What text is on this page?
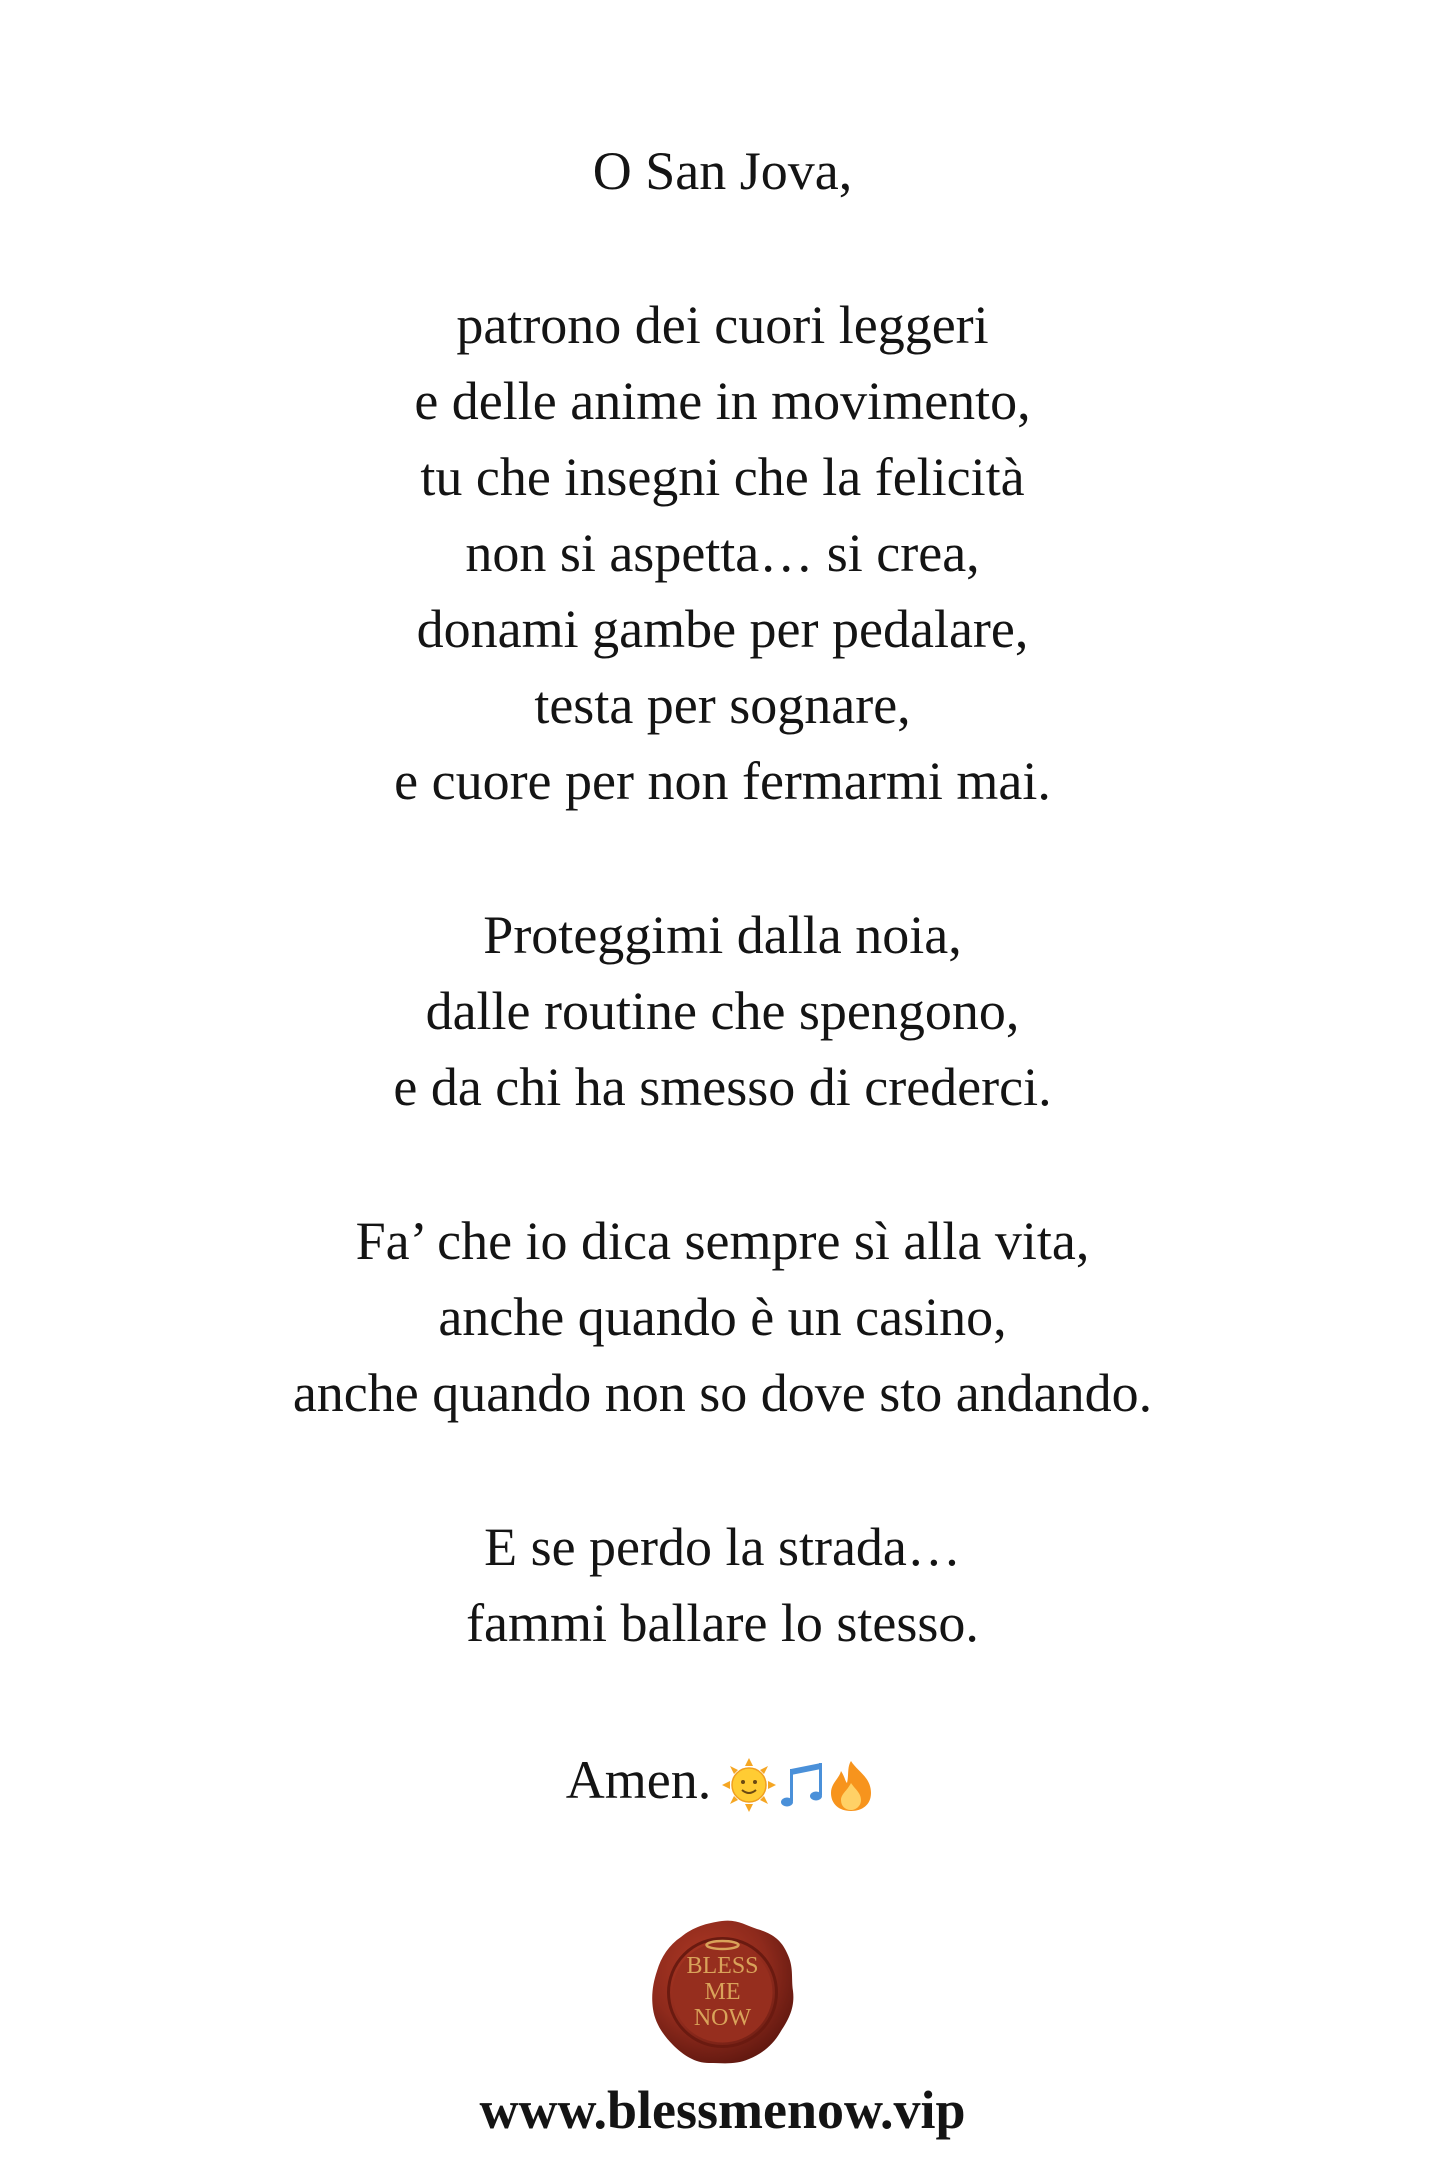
O San Jova,
patrono dei cuori leggeri
e delle anime in movimento,
tu che insegni che la felicità
non si aspetta… si crea,
donami gambe per pedalare,
testa per sognare,
e cuore per non fermarmi mai.
Proteggimi dalla noia,
dalle routine che spengono,
e da chi ha smesso di crederci.
Fa’ che io dica sempre sì alla vita,
anche quando è un casino,
anche quando non so dove sto andando.
E se perdo la strada…
fammi ballare lo stesso.
Amen.
BLESS
ME
NOW
www.blessmenow.vip
